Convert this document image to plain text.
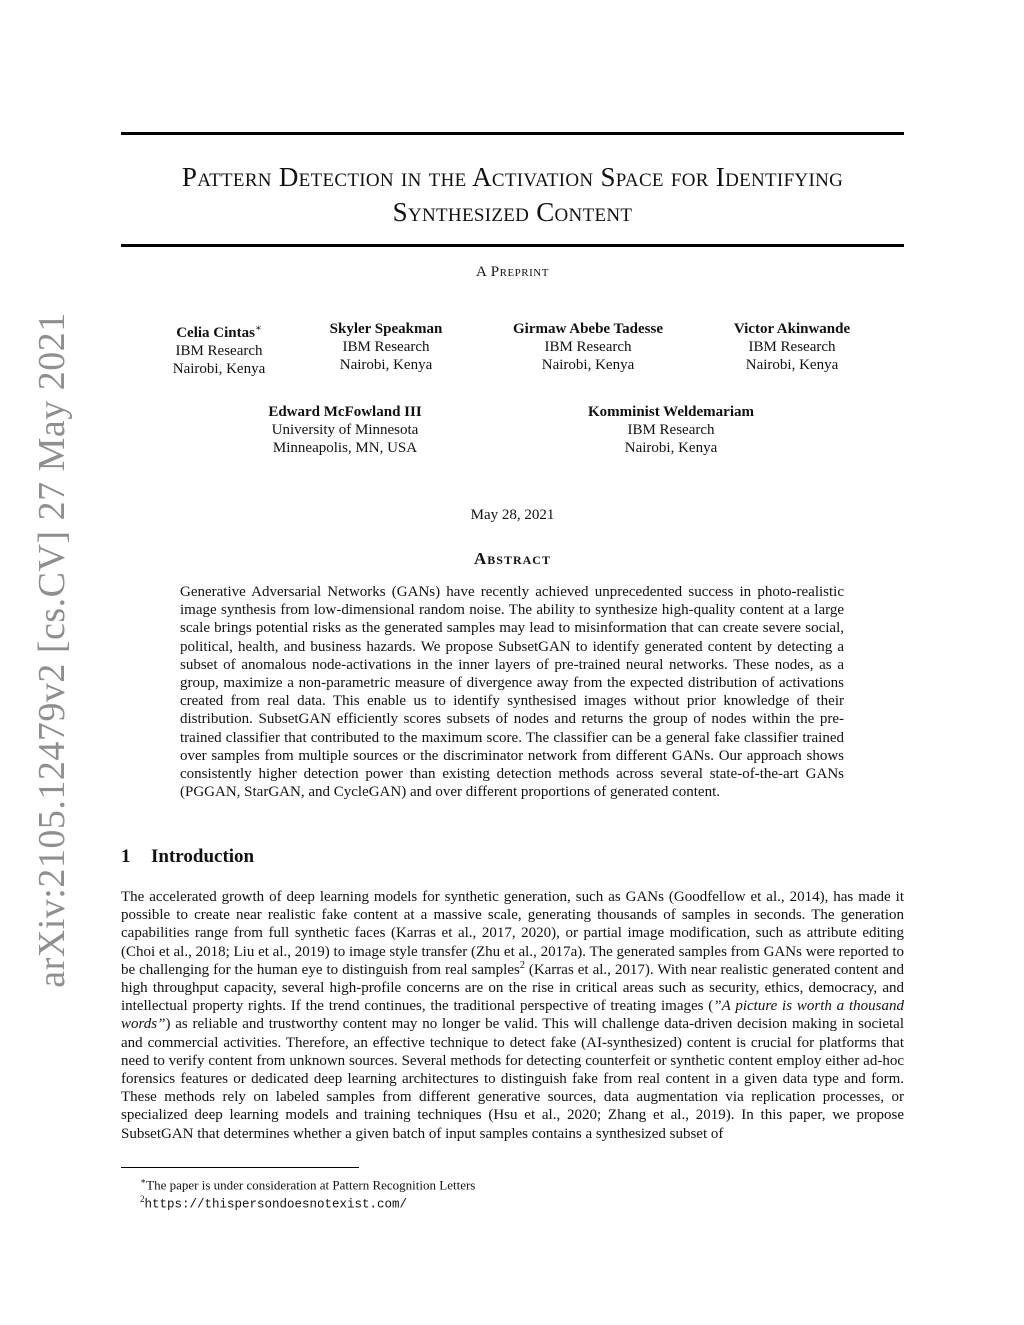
arXiv:2105.12479v2 [cs.CV] 27 May 2021
Pattern Detection in the Activation Space for Identifying Synthesized Content
A Preprint
Celia Cintas∗
IBM Research
Nairobi, Kenya
Skyler Speakman
IBM Research
Nairobi, Kenya
Girmaw Abebe Tadesse
IBM Research
Nairobi, Kenya
Victor Akinwande
IBM Research
Nairobi, Kenya
Edward McFowland III
University of Minnesota
Minneapolis, MN, USA
Komminist Weldemariam
IBM Research
Nairobi, Kenya
May 28, 2021
Abstract

Generative Adversarial Networks (GANs) have recently achieved unprecedented success in photo-realistic image synthesis from low-dimensional random noise. The ability to synthesize high-quality content at a large scale brings potential risks as the generated samples may lead to misinformation that can create severe social, political, health, and business hazards. We propose SubsetGAN to identify generated content by detecting a subset of anomalous node-activations in the inner layers of pre-trained neural networks. These nodes, as a group, maximize a non-parametric measure of divergence away from the expected distribution of activations created from real data. This enable us to identify synthesised images without prior knowledge of their distribution. SubsetGAN efficiently scores subsets of nodes and returns the group of nodes within the pre-trained classifier that contributed to the maximum score. The classifier can be a general fake classifier trained over samples from multiple sources or the discriminator network from different GANs. Our approach shows consistently higher detection power than existing detection methods across several state-of-the-art GANs (PGGAN, StarGAN, and CycleGAN) and over different proportions of generated content.

1 Introduction

The accelerated growth of deep learning models for synthetic generation, such as GANs (Goodfellow et al., 2014), has made it possible to create near realistic fake content at a massive scale, generating thousands of samples in seconds. The generation capabilities range from full synthetic faces (Karras et al., 2017, 2020), or partial image modification, such as attribute editing (Choi et al., 2018; Liu et al., 2019) to image style transfer (Zhu et al., 2017a). The generated samples from GANs were reported to be challenging for the human eye to distinguish from real samples$^2$ (Karras et al., 2017). With near realistic generated content and high throughput capacity, several high-profile concerns are on the rise in critical areas such as security, ethics, democracy, and intellectual property rights. If the trend continues, the traditional perspective of treating images (”A picture is worth a thousand words”) as reliable and trustworthy content may no longer be valid. This will challenge data-driven decision making in societal and commercial activities. Therefore, an effective technique to detect fake (AI-synthesized) content is crucial for platforms that need to verify content from unknown sources. Several methods for detecting counterfeit or synthetic content employ either ad-hoc forensics features or dedicated deep learning architectures to distinguish fake from real content in a given data type and form. These methods rely on labeled samples from different generative sources, data augmentation via replication processes, or specialized deep learning models and training techniques (Hsu et al., 2020; Zhang et al., 2019). In this paper, we propose SubsetGAN that determines whether a given batch of input samples contains a synthesized subset of

∗The paper is under consideration at Pattern Recognition Letters
$^2$https://thispersondoesnotexist.com/
